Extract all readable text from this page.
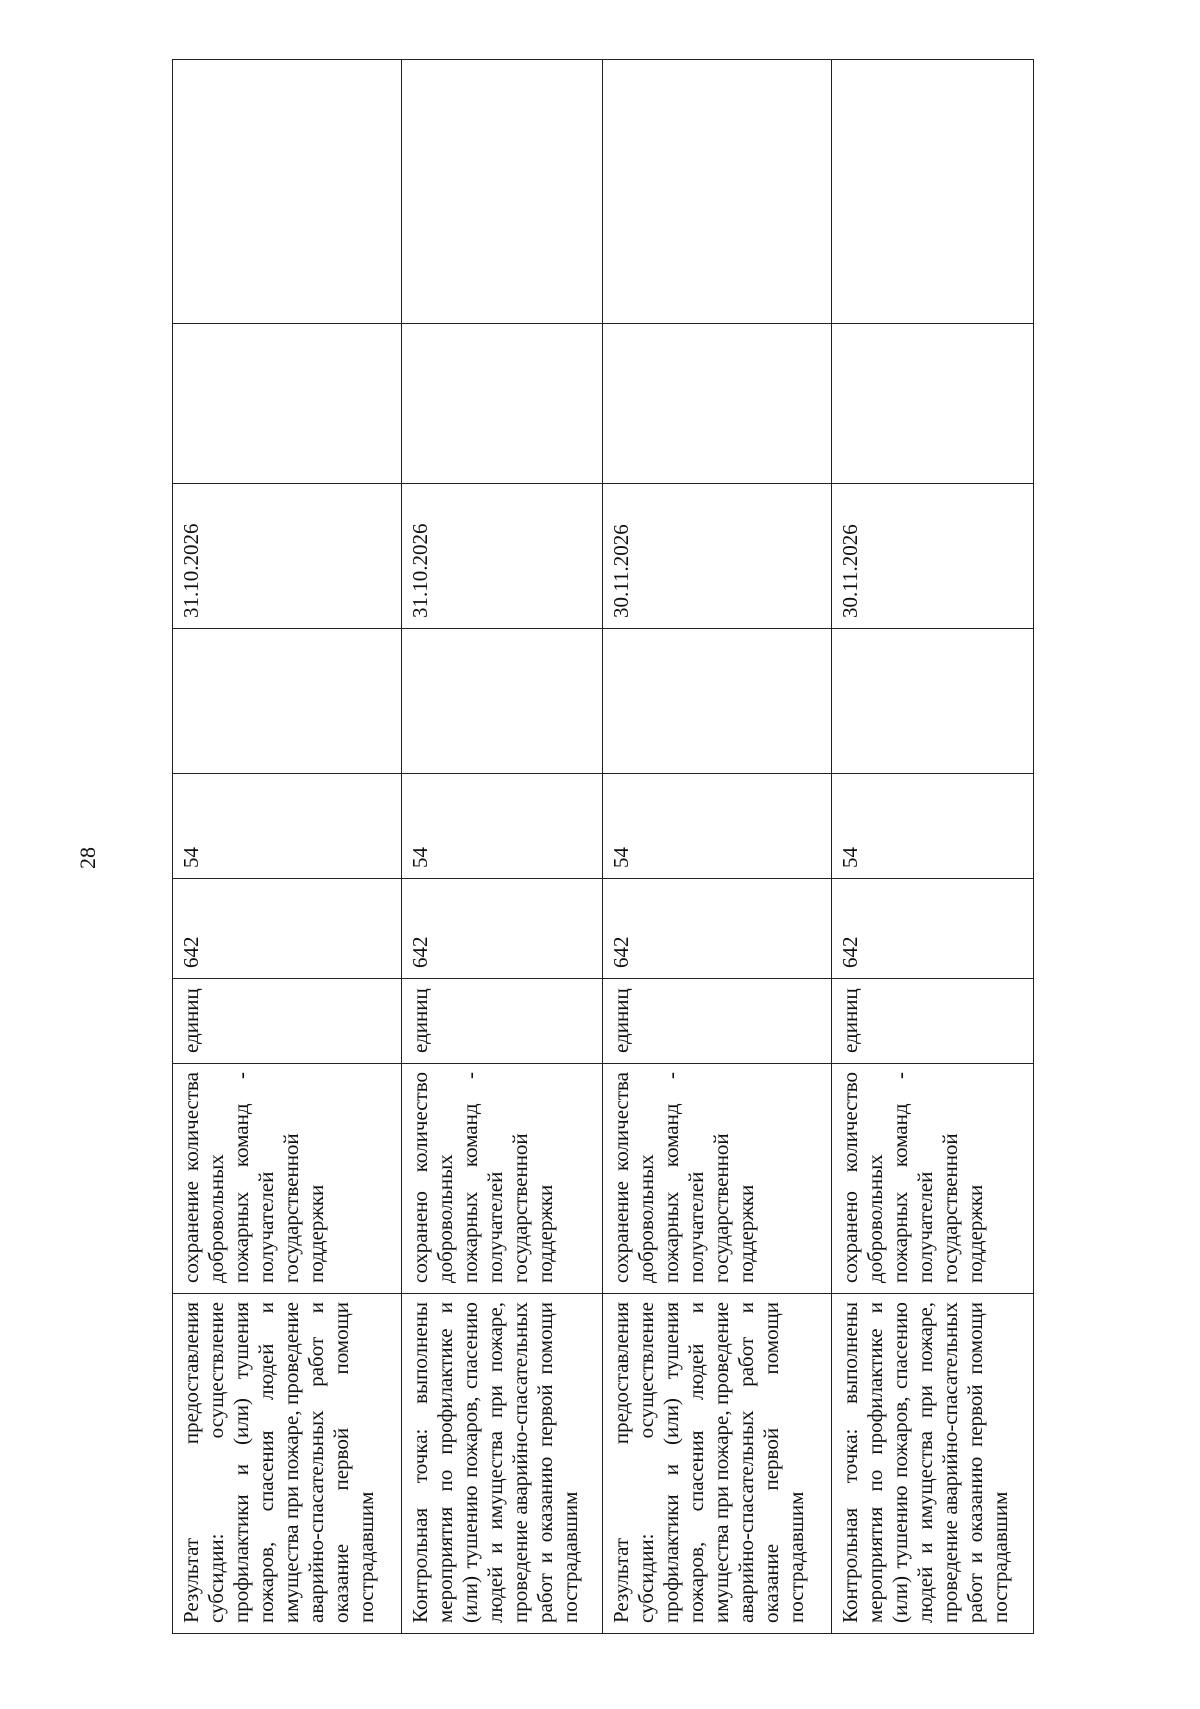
28
Результат предоставления субсидии: осуществление профилактики и (или) тушения пожаров, спасения людей и имущества при пожаре, проведение аварийно-спасательных работ и оказание первой помощи пострадавшим	сохранение количества добровольных пожарных команд - получателей государственной поддержки	единиц	642	54		31.10.2026		
Контрольная точка: выполнены мероприятия по профилактике и (или) тушению пожаров, спасению людей и имущества при пожаре, проведение аварийно-спасательных работ и оказанию первой помощи пострадавшим	сохранено количество добровольных пожарных команд - получателей государственной поддержки	единиц	642	54		31.10.2026		
Результат предоставления субсидии: осуществление профилактики и (или) тушения пожаров, спасения людей и имущества при пожаре, проведение аварийно-спасательных работ и оказание первой помощи пострадавшим	сохранение количества добровольных пожарных команд - получателей государственной поддержки	единиц	642	54		30.11.2026		
Контрольная точка: выполнены мероприятия по профилактике и (или) тушению пожаров, спасению людей и имущества при пожаре, проведение аварийно-спасательных работ и оказанию первой помощи пострадавшим	сохранено количество добровольных пожарных команд - получателей государственной поддержки	единиц	642	54		30.11.2026		
